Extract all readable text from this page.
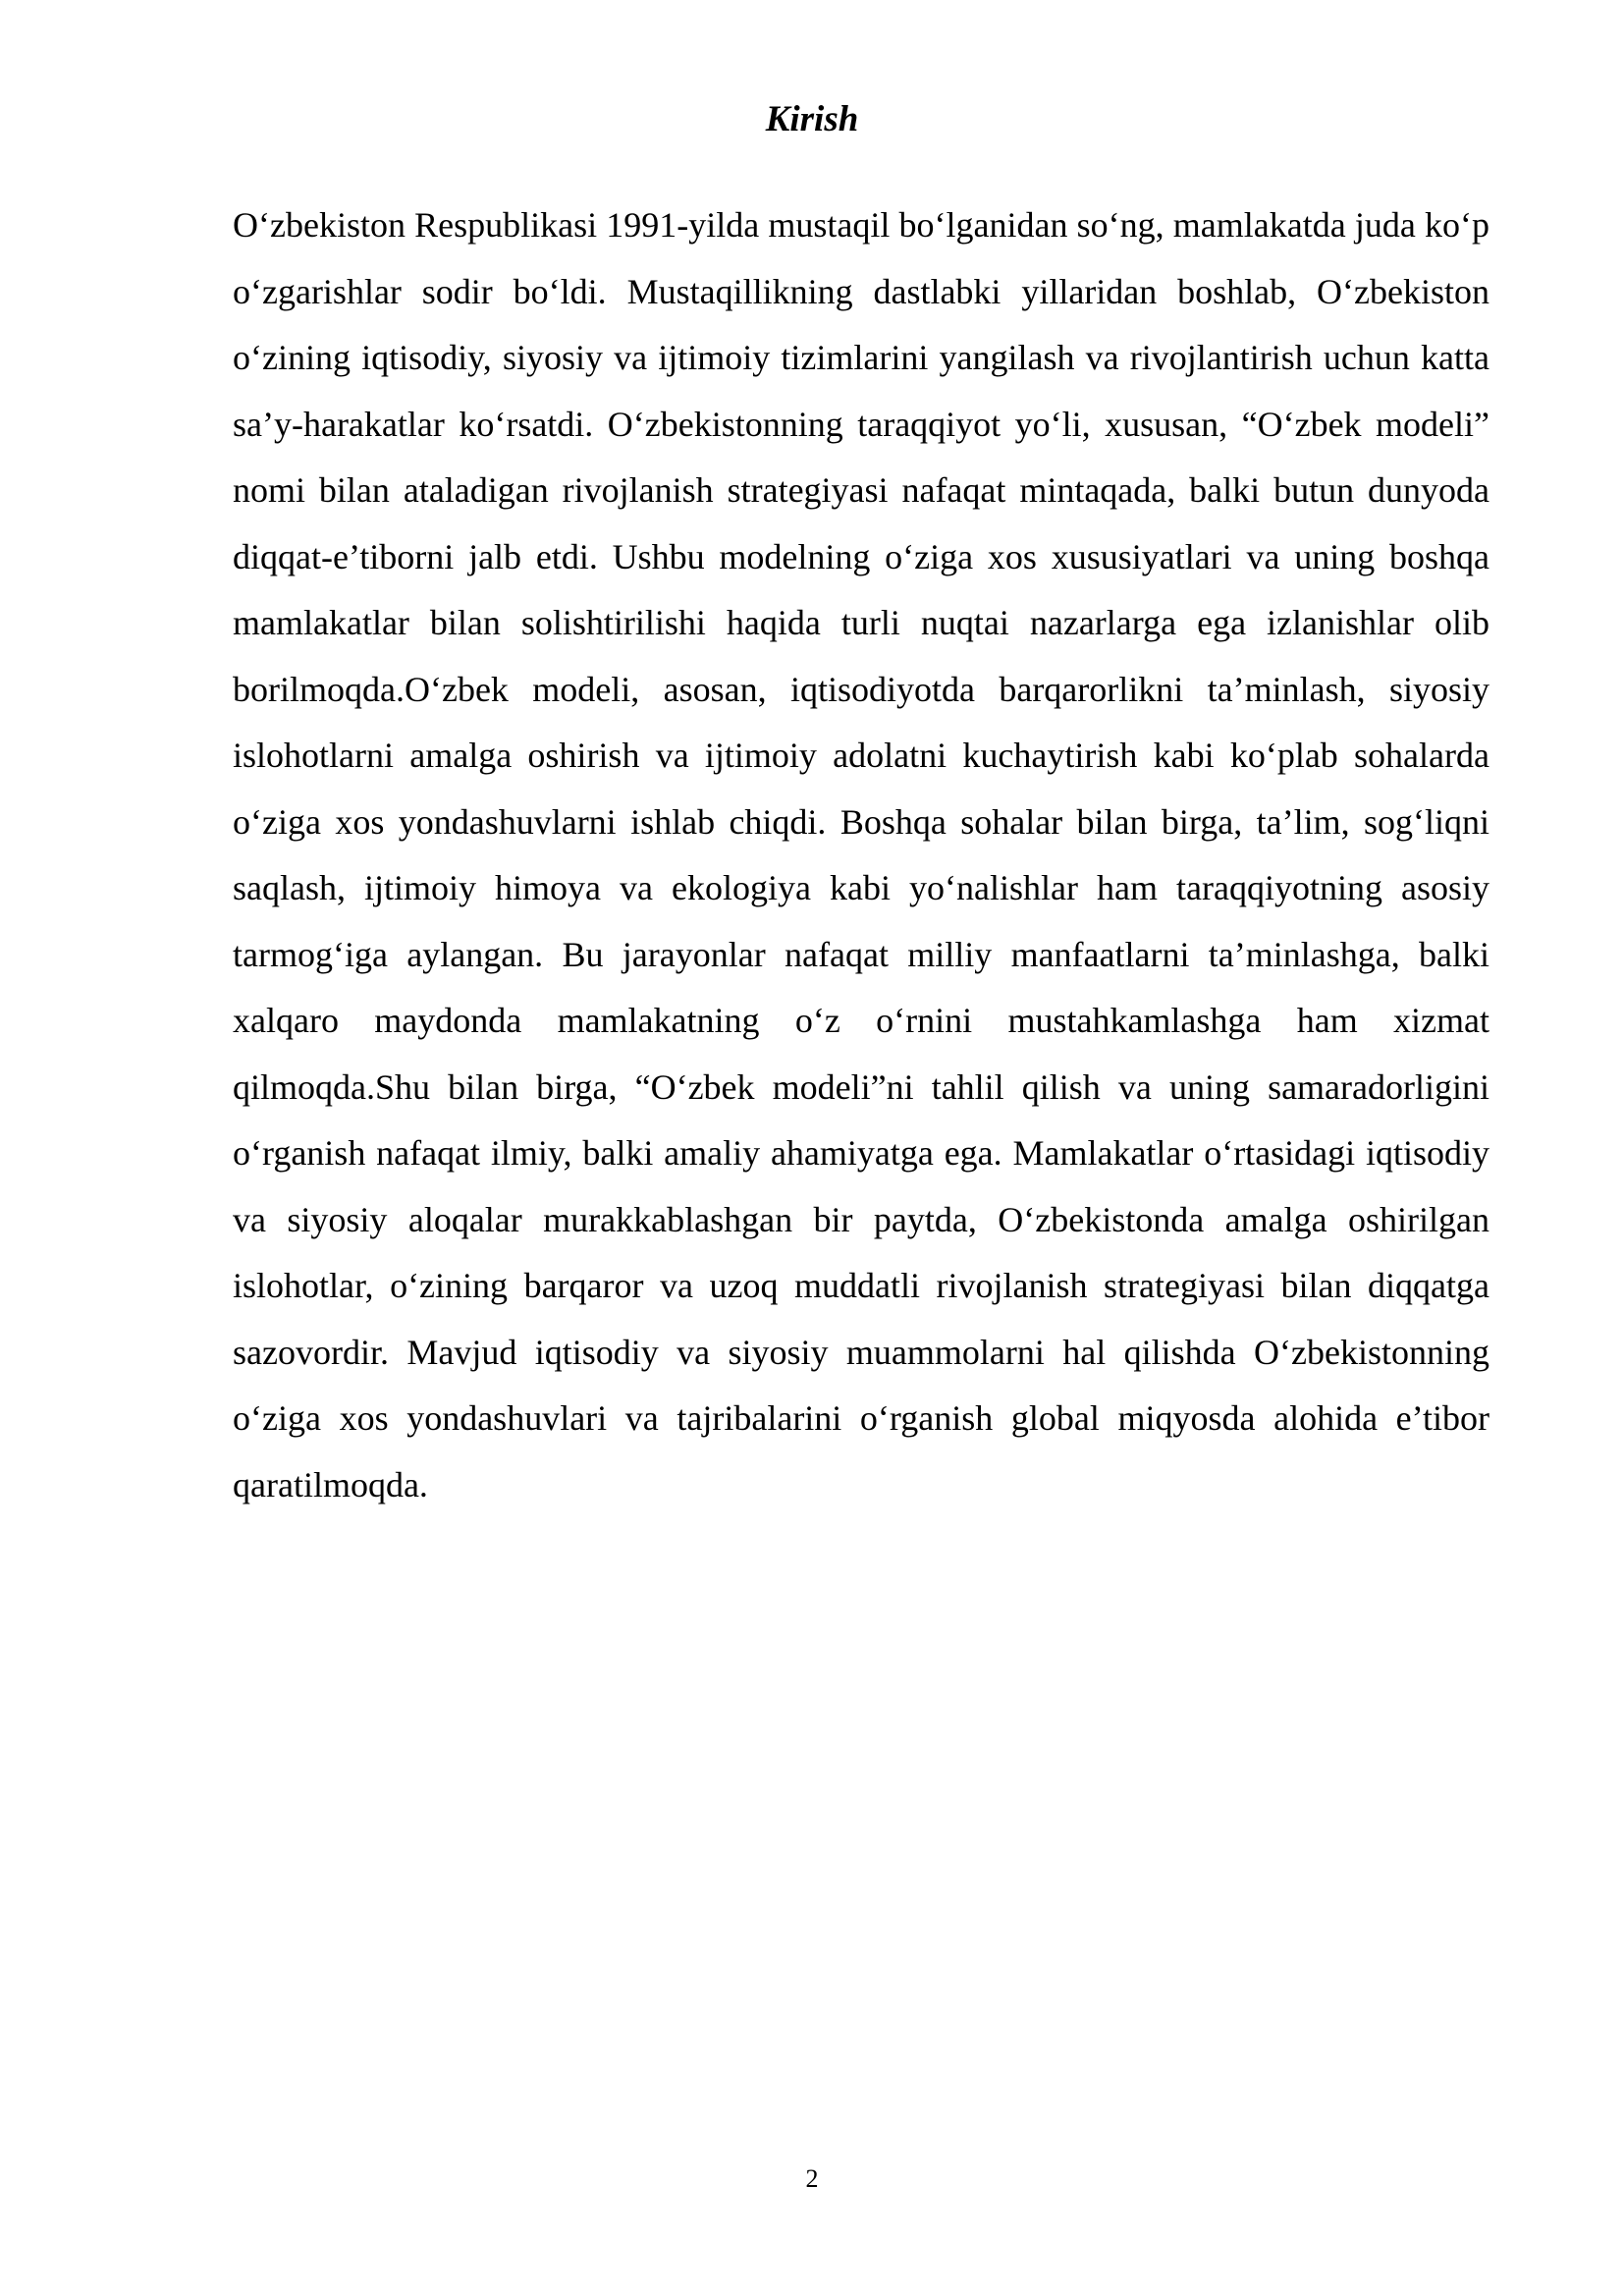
Kirish

O‘zbekiston Respublikasi 1991-yilda mustaqil bo‘lganidan so‘ng, mamlakatda juda ko‘p o‘zgarishlar sodir bo‘ldi. Mustaqillikning dastlabki yillaridan boshlab, O‘zbekiston o‘zining iqtisodiy, siyosiy va ijtimoiy tizimlarini yangilash va rivojlantirish uchun katta sa’y-harakatlar ko‘rsatdi. O‘zbekistonning taraqqiyot yo‘li, xususan, “O‘zbek modeli” nomi bilan ataladigan rivojlanish strategiyasi nafaqat mintaqada, balki butun dunyoda diqqat-e’tiborni jalb etdi. Ushbu modelning o‘ziga xos xususiyatlari va uning boshqa mamlakatlar bilan solishtirilishi haqida turli nuqtai nazarlarga ega izlanishlar olib borilmoqda.O‘zbek modeli, asosan, iqtisodiyotda barqarorlikni ta’minlash, siyosiy islohotlarni amalga oshirish va ijtimoiy adolatni kuchaytirish kabi ko‘plab sohalarda o‘ziga xos yondashuvlarni ishlab chiqdi. Boshqa sohalar bilan birga, ta’lim, sog‘liqni saqlash, ijtimoiy himoya va ekologiya kabi yo‘nalishlar ham taraqqiyotning asosiy tarmog‘iga aylangan. Bu jarayonlar nafaqat milliy manfaatlarni ta’minlashga, balki xalqaro maydonda mamlakatning o‘z o‘rnini mustahkamlashga ham xizmat qilmoqda.Shu bilan birga, “O‘zbek modeli”ni tahlil qilish va uning samaradorligini o‘rganish nafaqat ilmiy, balki amaliy ahamiyatga ega. Mamlakatlar o‘rtasidagi iqtisodiy va siyosiy aloqalar murakkablashgan bir paytda, O‘zbekistonda amalga oshirilgan islohotlar, o‘zining barqaror va uzoq muddatli rivojlanish strategiyasi bilan diqqatga sazovordir. Mavjud iqtisodiy va siyosiy muammolarni hal qilishda O‘zbekistonning o‘ziga xos yondashuvlari va tajribalarini o‘rganish global miqyosda alohida e’tibor qaratilmoqda.

2
